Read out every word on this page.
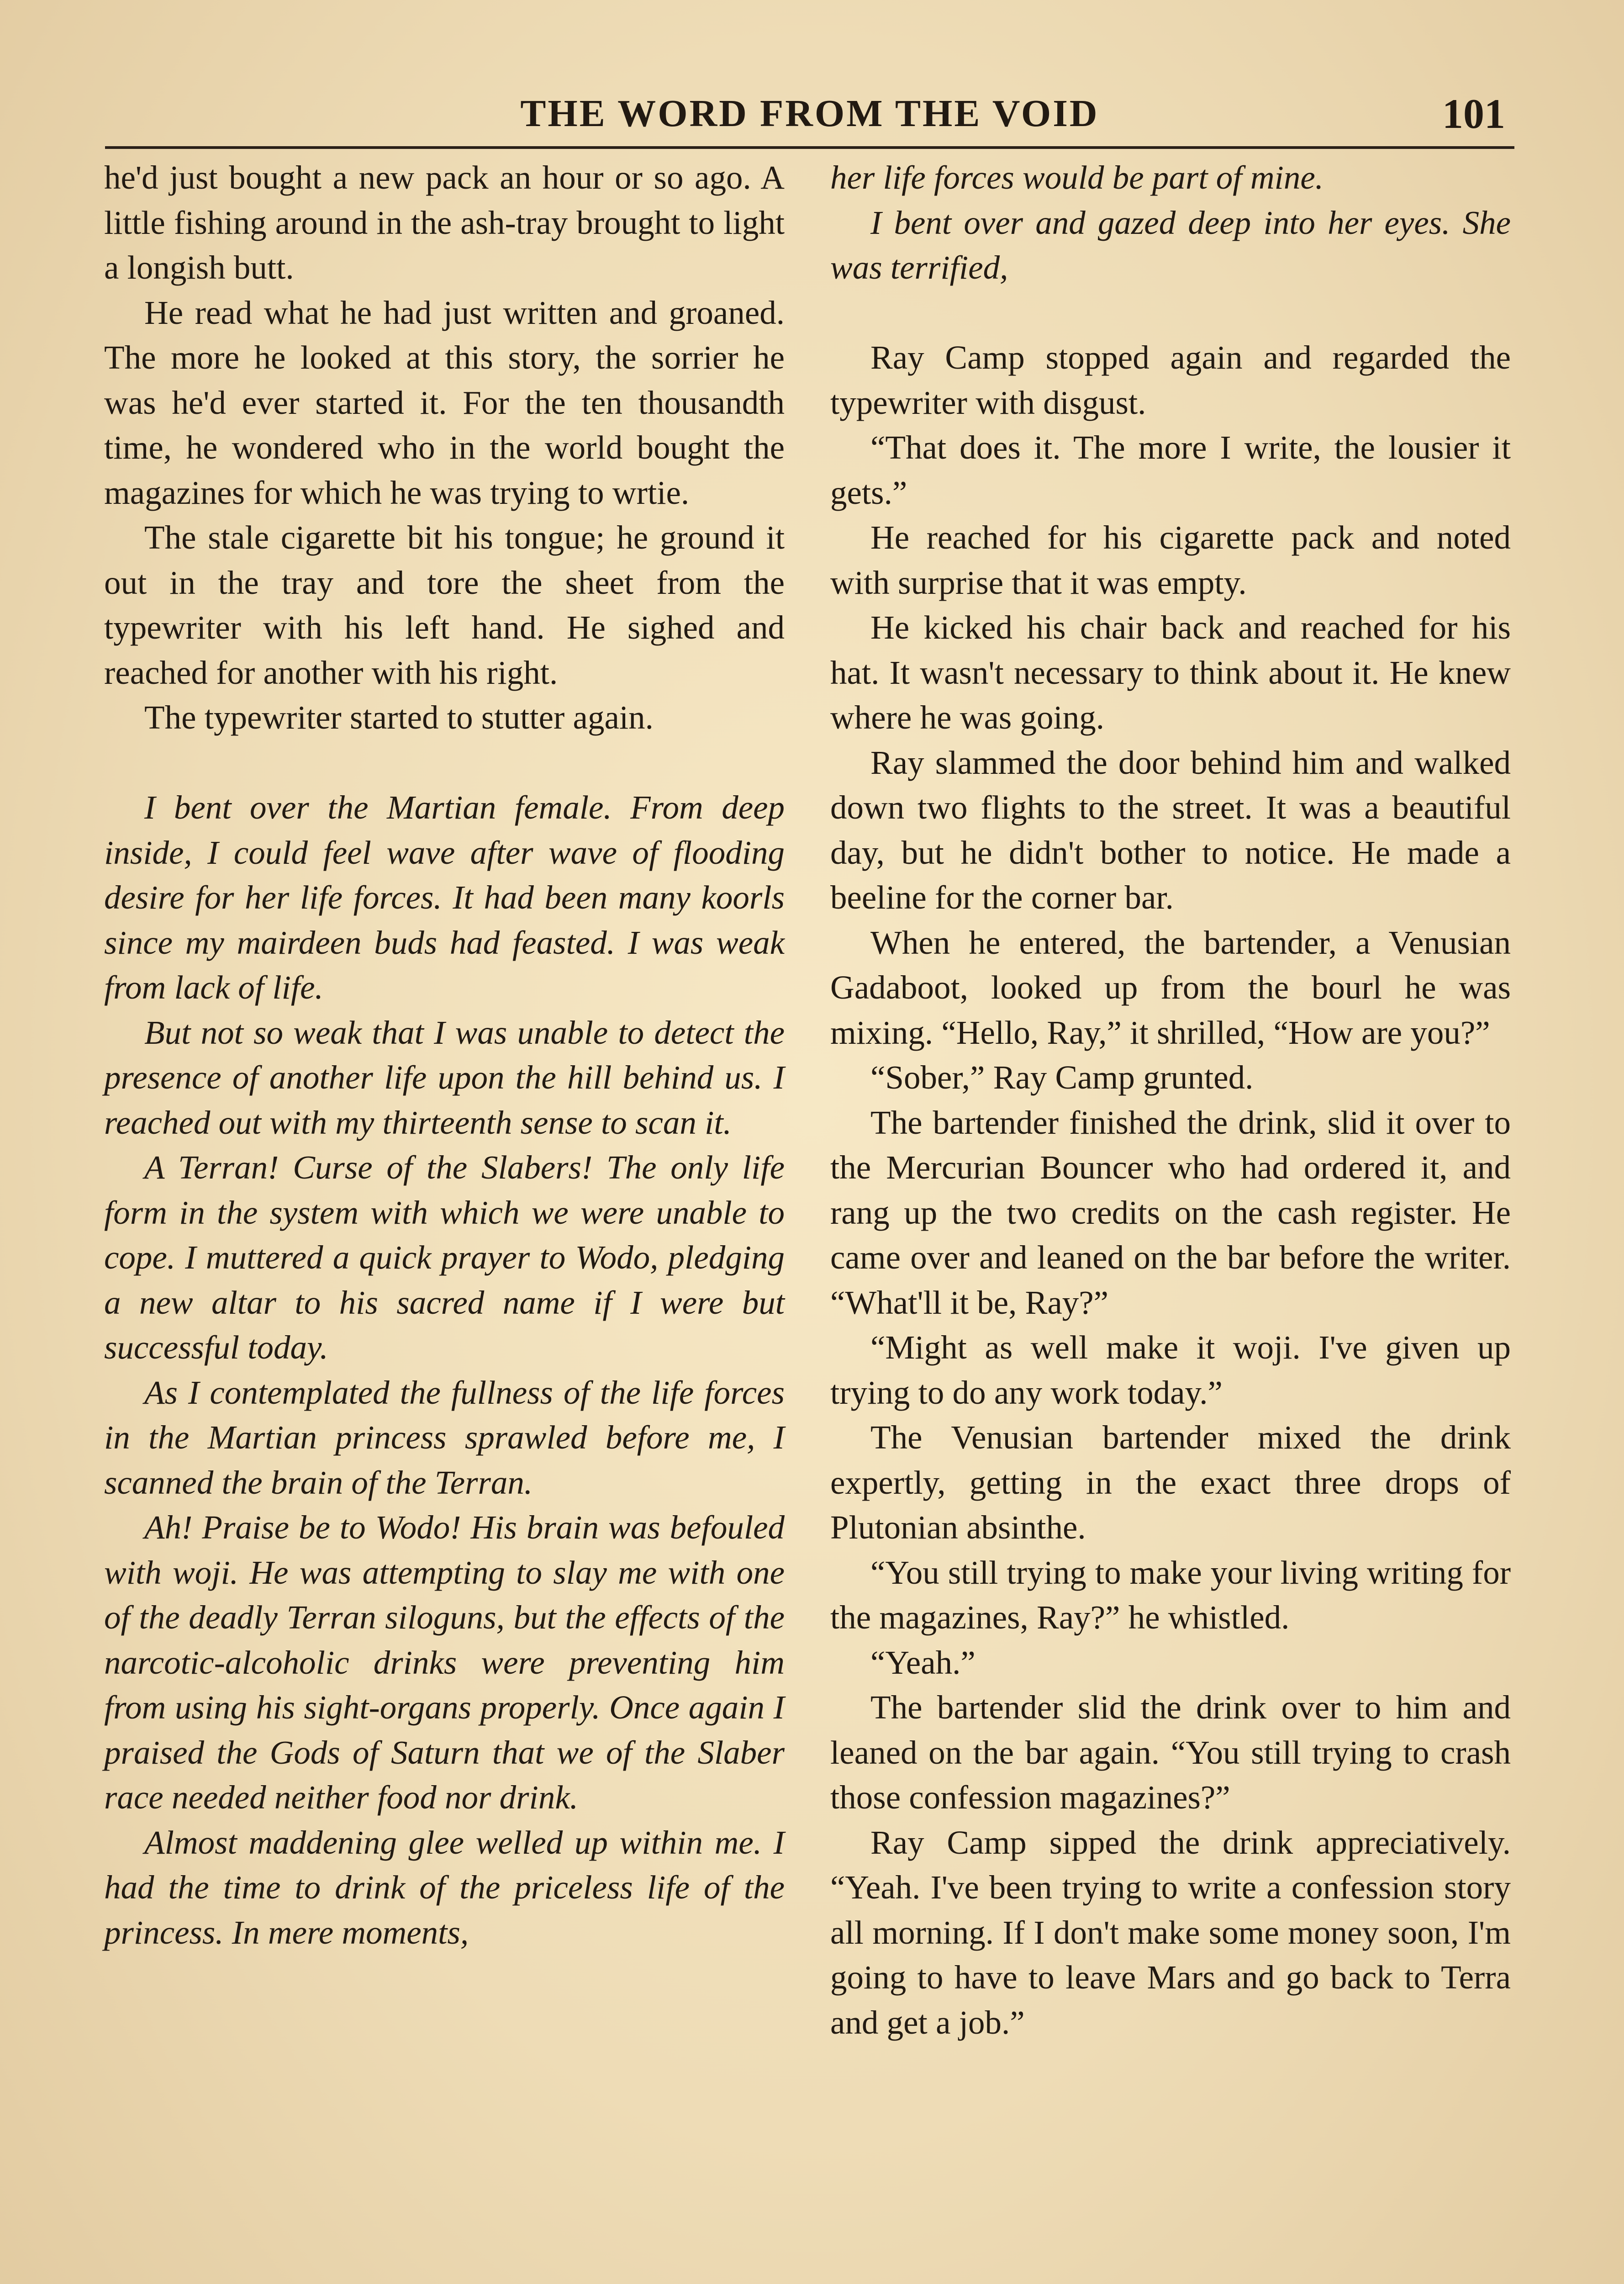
THE WORD FROM THE VOID	101

he'd just bought a new pack an hour or so ago. A little fishing around in the ash-tray brought to light a longish butt.

He read what he had just written and groaned. The more he looked at this story, the sorrier he was he'd ever started it. For the ten thousandth time, he wondered who in the world bought the magazines for which he was trying to wrtie.

The stale cigarette bit his tongue; he ground it out in the tray and tore the sheet from the typewriter with his left hand. He sighed and reached for another with his right.

The typewriter started to stutter again.

I bent over the Martian female. From deep inside, I could feel wave after wave of flooding desire for her life forces. It had been many koorls since my mairdeen buds had feasted. I was weak from lack of life.

But not so weak that I was unable to detect the presence of another life upon the hill behind us. I reached out with my thirteenth sense to scan it.

A Terran! Curse of the Slabers! The only life form in the system with which we were unable to cope. I muttered a quick prayer to Wodo, pledging a new altar to his sacred name if I were but successful today.

As I contemplated the fullness of the life forces in the Martian princess sprawled before me, I scanned the brain of the Terran.

Ah! Praise be to Wodo! His brain was befouled with woji. He was attempting to slay me with one of the deadly Terran siloguns, but the effects of the narcotic-alcoholic drinks were preventing him from using his sight-organs properly. Once again I praised the Gods of Saturn that we of the Slaber race needed neither food nor drink.

Almost maddening glee welled up within me. I had the time to drink of the priceless life of the princess. In mere moments,

her life forces would be part of mine.

I bent over and gazed deep into her eyes. She was terrified,

Ray Camp stopped again and regarded the typewriter with disgust.

“That does it. The more I write, the lousier it gets.”

He reached for his cigarette pack and noted with surprise that it was empty.

He kicked his chair back and reached for his hat. It wasn't necessary to think about it. He knew where he was going.

Ray slammed the door behind him and walked down two flights to the street. It was a beautiful day, but he didn't bother to notice. He made a beeline for the corner bar.

When he entered, the bartender, a Venusian Gadaboot, looked up from the bourl he was mixing. “Hello, Ray,” it shrilled, “How are you?”

“Sober,” Ray Camp grunted.

The bartender finished the drink, slid it over to the Mercurian Bouncer who had ordered it, and rang up the two credits on the cash register. He came over and leaned on the bar before the writer. “What'll it be, Ray?”

“Might as well make it woji. I've given up trying to do any work today.”

The Venusian bartender mixed the drink expertly, getting in the exact three drops of Plutonian absinthe.

“You still trying to make your living writing for the magazines, Ray?” he whistled.

“Yeah.”

The bartender slid the drink over to him and leaned on the bar again. “You still trying to crash those confession magazines?”

Ray Camp sipped the drink appreciatively. “Yeah. I've been trying to write a confession story all morning. If I don't make some money soon, I'm going to have to leave Mars and go back to Terra and get a job.”
